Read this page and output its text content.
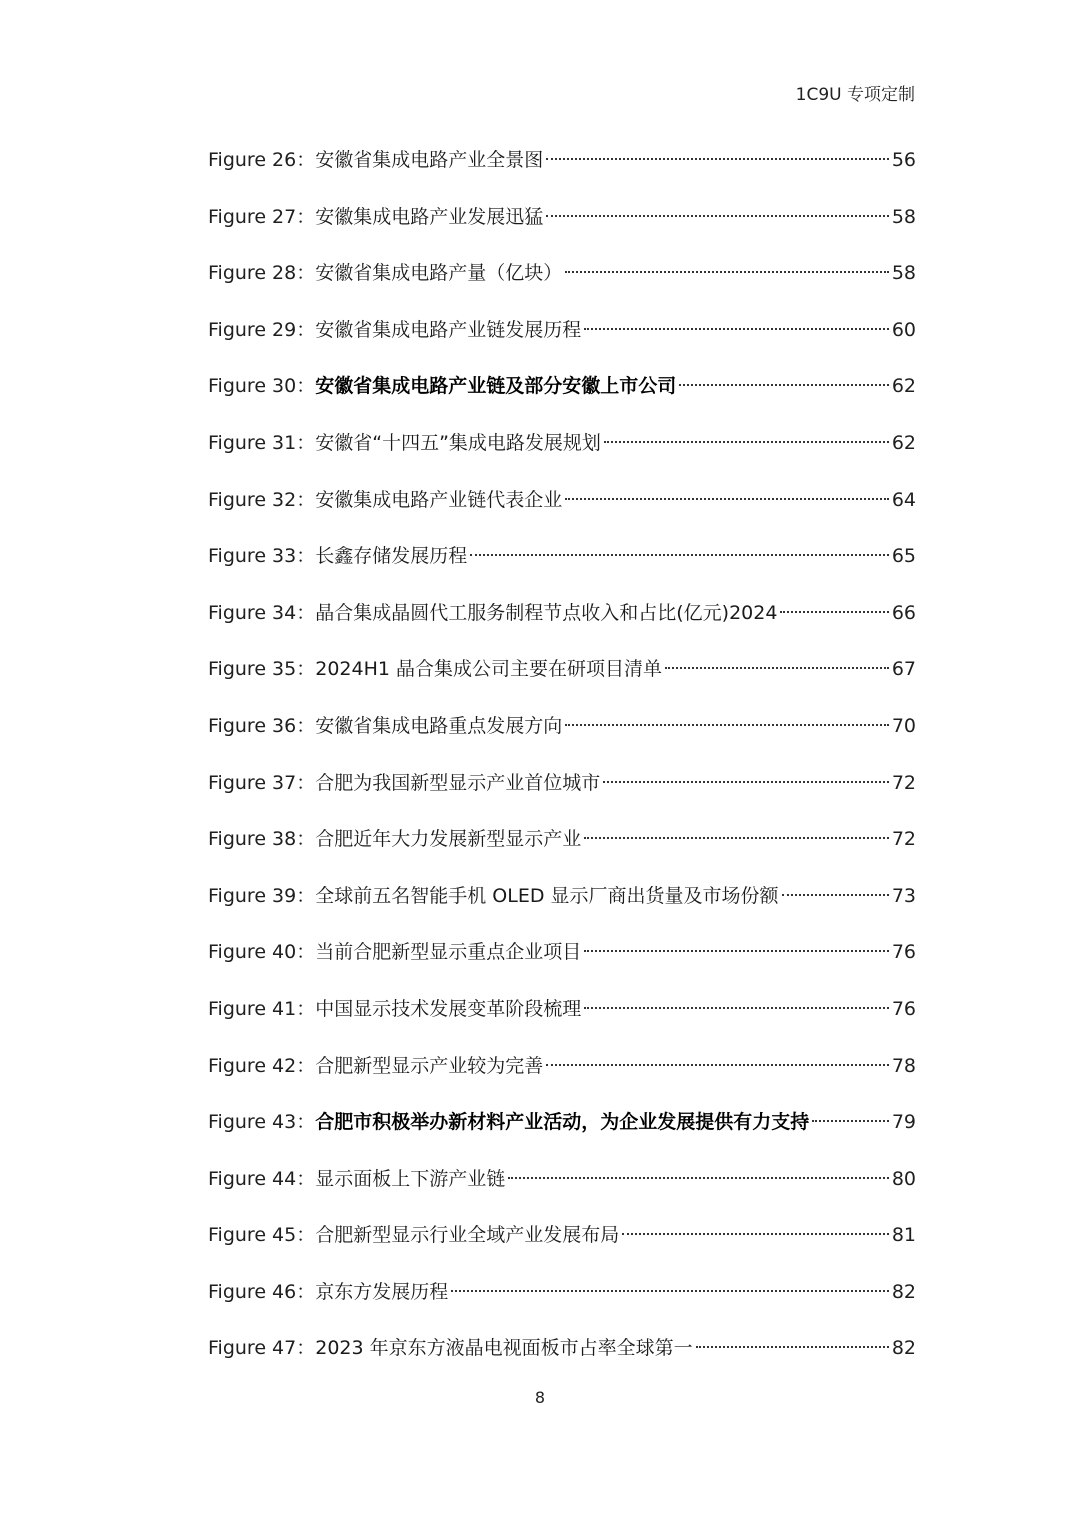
1C9U 专项定制
Figure 26 ： 安徽省集成电路产业全景图	56
Figure 27 ： 安徽集成电路产业发展迅猛	58
Figure 28 ： 安徽省集成电路产量（亿块）	58
Figure 29 ： 安徽省集成电路产业链发展历程	60
Figure 30 ： 安徽省集成电路产业链及部分安徽上市公司	62
Figure 31 ： 安徽省“十四五”集成电路发展规划	62
Figure 32 ： 安徽集成电路产业链代表企业	64
Figure 33 ： 长鑫存储发展历程	65
Figure 34 ： 晶合集成晶圆代工服务制程节点收入和占比(亿元)2024	66
Figure 35 ： 2024H1 晶合集成公司主要在研项目清单	67
Figure 36 ： 安徽省集成电路重点发展方向	70
Figure 37 ： 合肥为我国新型显示产业首位城市	72
Figure 38 ： 合肥近年大力发展新型显示产业	72
Figure 39 ： 全球前五名智能手机 OLED 显示厂商出货量及市场份额	73
Figure 40 ： 当前合肥新型显示重点企业项目	76
Figure 41 ： 中国显示技术发展变革阶段梳理	76
Figure 42 ： 合肥新型显示产业较为完善	78
Figure 43 ： 合肥市积极举办新材料产业活动，为企业发展提供有力支持	79
Figure 44 ： 显示面板上下游产业链	80
Figure 45 ： 合肥新型显示行业全域产业发展布局	81
Figure 46 ： 京东方发展历程	82
Figure 47 ： 2023 年京东方液晶电视面板市占率全球第一	82
8
